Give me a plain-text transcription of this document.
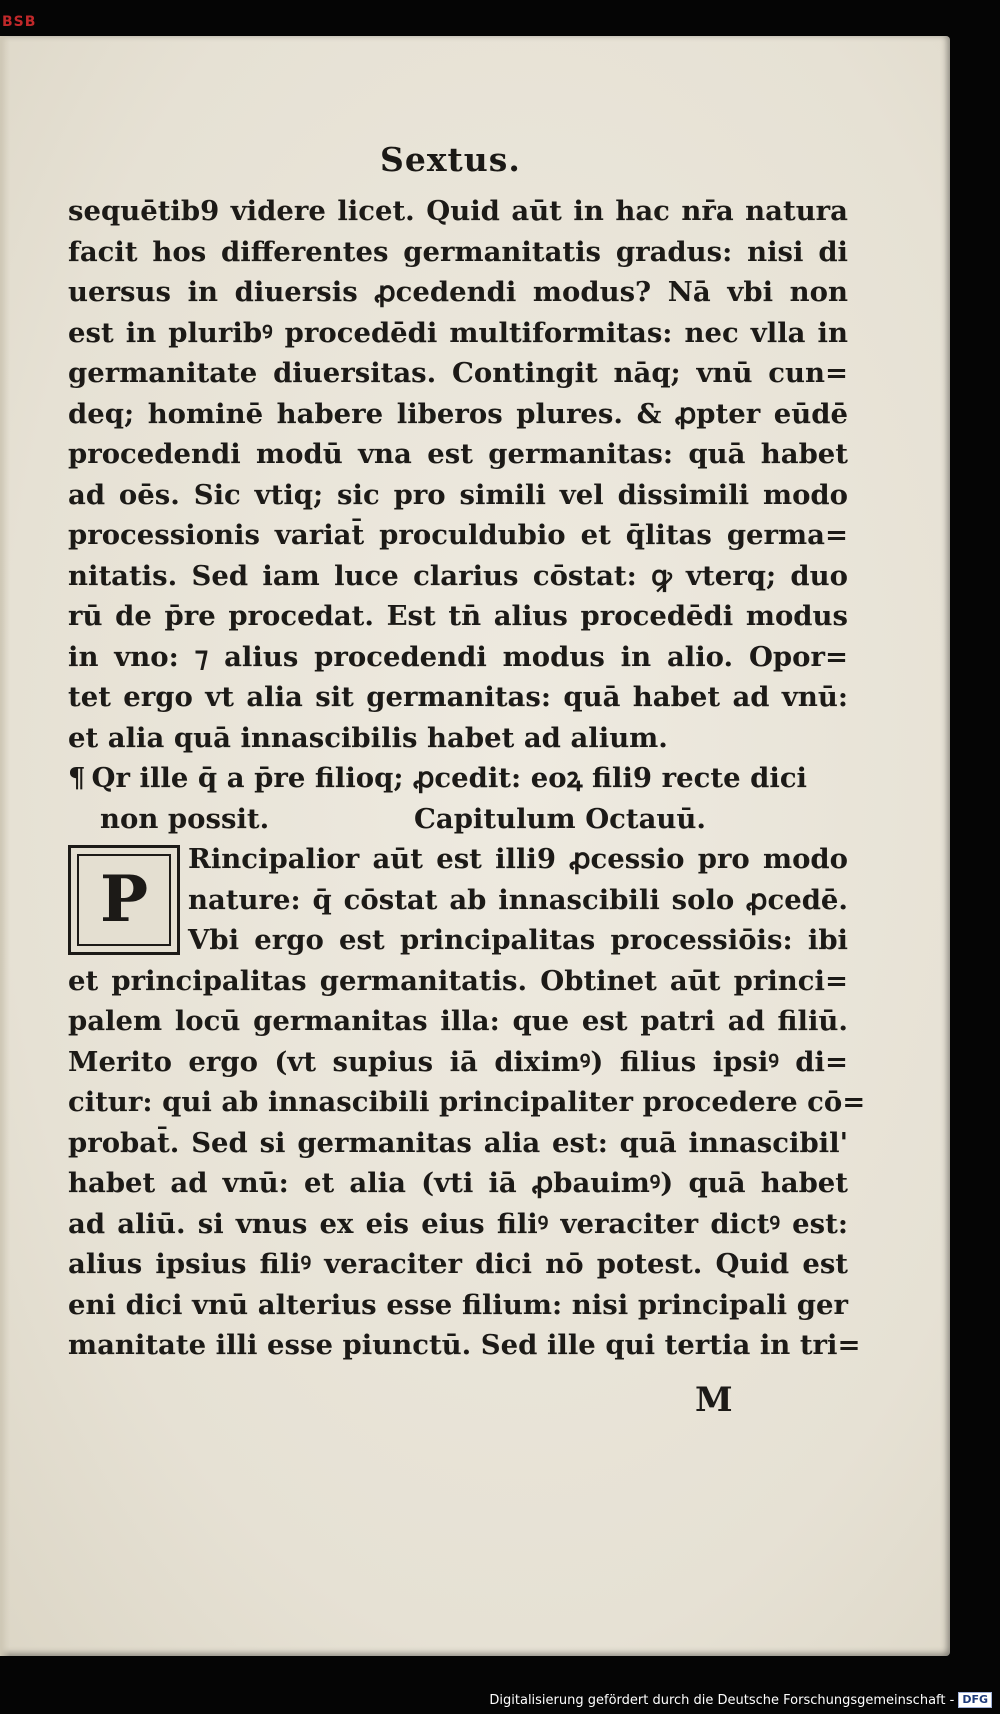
BSB
Sextus.
sequētib9 videre licet. Quid aūt in hac nr̄a natura
facit hos differentes germanitatis gradus: nisi di
uersus in diuersis ꝓcedendi modus? Nā vbi non
est in pluribꝰ procedēdi multiformitas: nec vlla in
germanitate diuersitas. Contingit nāq; vnū cun=
deq; hominē habere liberos plures. & ꝓpter eūdē
procedendi modū vna est germanitas: quā habet
ad oēs. Sic vtiq; sic pro simili vel dissimili modo
processionis variat̄ proculdubio et q̄litas germa=
nitatis. Sed iam luce clarius cōstat: ꝙ vterq; duo
rū de p̄re procedat. Est tn̄ alius procedēdi modus
in vno: ⁊ alius procedendi modus in alio. Opor=
tet ergo vt alia sit germanitas: quā habet ad vnū:
et alia quā innascibilis habet ad alium.
¶ Qr ille q̄ a p̄re filioq; ꝓcedit: eoꝝ fili9 recte dici
non possit.	Capitulum Octauū.
P
Rincipalior aūt est illi9 ꝓcessio pro modo
nature: q̄ cōstat ab innascibili solo ꝓcedē.
Vbi ergo est principalitas processiōis: ibi
et principalitas germanitatis. Obtinet aūt princi=
palem locū germanitas illa: que est patri ad filiū.
Merito ergo (vt supius iā diximꝰ) filius ipsiꝰ di=
citur: qui ab innascibili principaliter procedere cō=
probat̄. Sed si germanitas alia est: quā innascibil'
habet ad vnū: et alia (vti iā ꝓbauimꝰ) quā habet
ad aliū. si vnus ex eis eius filiꝰ veraciter dictꝰ est:
alius ipsius filiꝰ veraciter dici nō potest. Quid est
eni dici vnū alterius esse filium: nisi principali ger
manitate illi esse piunctū. Sed ille qui tertia in tri=
M
Digitalisierung gefördert durch die Deutsche Forschungsgemeinschaft - DFG
